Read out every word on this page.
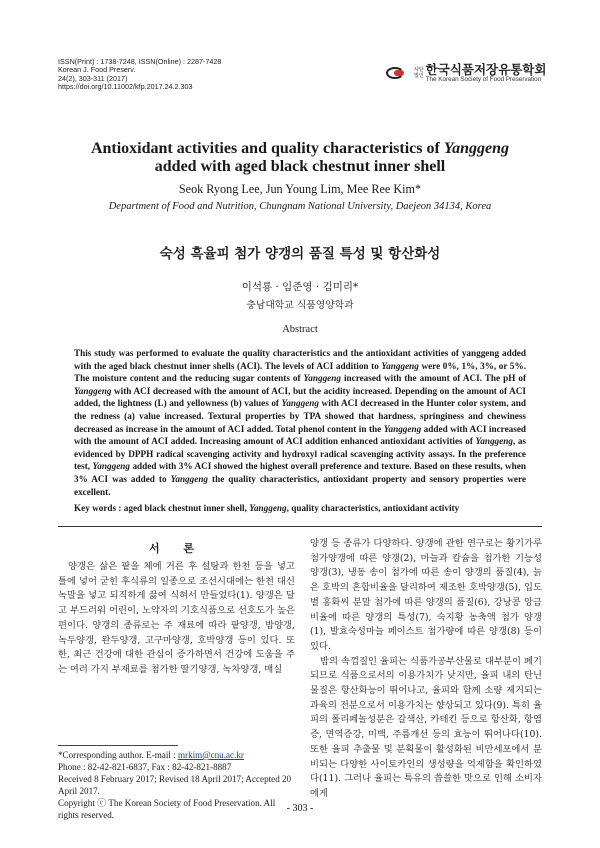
ISSN(Print) : 1738-7248, ISSN(Online) : 2287-7428
Korean J. Food Preserv.
24(2), 303-311 (2017)
https://doi.org/10.11002/kfp.2017.24.2.303
사단
법인 한국식품저장유통학회
The Korean Society of Food Preservation
Antioxidant activities and quality characteristics of Yanggeng
added with aged black chestnut inner shell
Seok Ryong Lee, Jun Young Lim, Mee Ree Kim*
Department of Food and Nutrition, Chungnam National University, Daejeon 34134, Korea
숙성 흑율피 첨가 양갱의 품질 특성 및 항산화성
이석룡 · 임준영 · 김미리*
충남대학교 식품영양학과
Abstract
This study was performed to evaluate the quality characteristics and the antioxidant activities of yanggeng added with the aged black chestnut inner shells (ACI). The levels of ACI addition to Yanggeng were 0%, 1%, 3%, or 5%. The moisture content and the reducing sugar contents of Yanggeng increased with the amount of ACI. The pH of Yanggeng with ACI decreased with the amount of ACI, but the acidity increased. Depending on the amount of ACI added, the lightness (L) and yellowness (b) values of Yanggeng with ACI decreased in the Hunter color system, and the redness (a) value increased. Textural properties by TPA showed that hardness, springiness and chewiness decreased as increase in the amount of ACI added. Total phenol content in the Yanggeng added with ACI increased with the amount of ACI added. Increasing amount of ACI addition enhanced antioxidant activities of Yanggeng, as evidenced by DPPH radical scavenging activity and hydroxyl radical scavenging activity assays. In the preference test, Yanggeng added with 3% ACI showed the highest overall preference and texture. Based on these results, when 3% ACI was added to Yanggeng the quality characteristics, antioxidant property and sensory properties were excellent.
Key words : aged black chestnut inner shell, Yanggeng, quality characteristics, antioxidant activity
서 론

양갱은 삶은 팥을 체에 거른 후 설탕과 한천 등을 넣고 틀에 넣어 굳힌 후식류의 일종으로 조선시대에는 한천 대신 녹말을 넣고 되직하게 끓여 식혀서 만들었다(1). 양갱은 달고 부드러워 어린이, 노약자의 기호식품으로 선호도가 높은 편이다. 양갱의 종류로는 주 재료에 따라 팥양갱, 밤양갱, 녹두양갱, 완두양갱, 고구마양갱, 호박양갱 등이 있다. 또한, 최근 건강에 대한 관심이 증가하면서 건강에 도움을 주는 여러 가지 부재료를 첨가한 딸기양갱, 녹차양갱, 매실

양갱 등 종류가 다양하다. 양갱에 관한 연구로는 황기가루 첨가양갱에 따른 양갱(2), 마늘과 칼슘을 첨가한 기능성 양갱(3), 냉동 송이 첨가에 따른 송이 양갱의 품질(4), 늙은 호박의 혼합비율을 달리하여 제조한 호박양갱(5), 입도별 홍화씨 분말 첨가에 따른 양갱의 품질(6), 강낭콩 앙금 비율에 따른 양갱의 특성(7), 숙지황 농축액 첨가 양갱(1), 발효숙성마늘 페이스트 첨가량에 따른 양갱(8) 등이 있다.

밤의 속껍질인 율피는 식품가공부산물로 대부분이 폐기되므로 식품으로서의 이용가치가 낮지만, 율피 내의 탄닌 물질은 항산화능이 뛰어나고, 율피와 함께 소량 제거되는 과육의 전분으로서 이용가치는 향상되고 있다(9). 특히 율피의 폴리페놀성분은 갈색산, 카테킨 등으로 항산화, 항염증, 면역증강, 미백, 주름개선 등의 효능이 뛰어나다(10). 또한 율피 추출물 및 분획물이 활성화된 비만세포에서 분비되는 다양한 사이토카인의 생성량을 억제함을 확인하였다(11). 그러나 율피는 특유의 씁쓸한 맛으로 인해 소비자에게

*Corresponding author. E-mail : mrkim@cnu.ac.kr
Phone : 82-42-821-6837, Fax : 82-42-821-8887
Received 8 February 2017; Revised 18 April 2017; Accepted 20 April 2017.
Copyright ⓒ The Korean Society of Food Preservation. All rights reserved.
- 303 -
